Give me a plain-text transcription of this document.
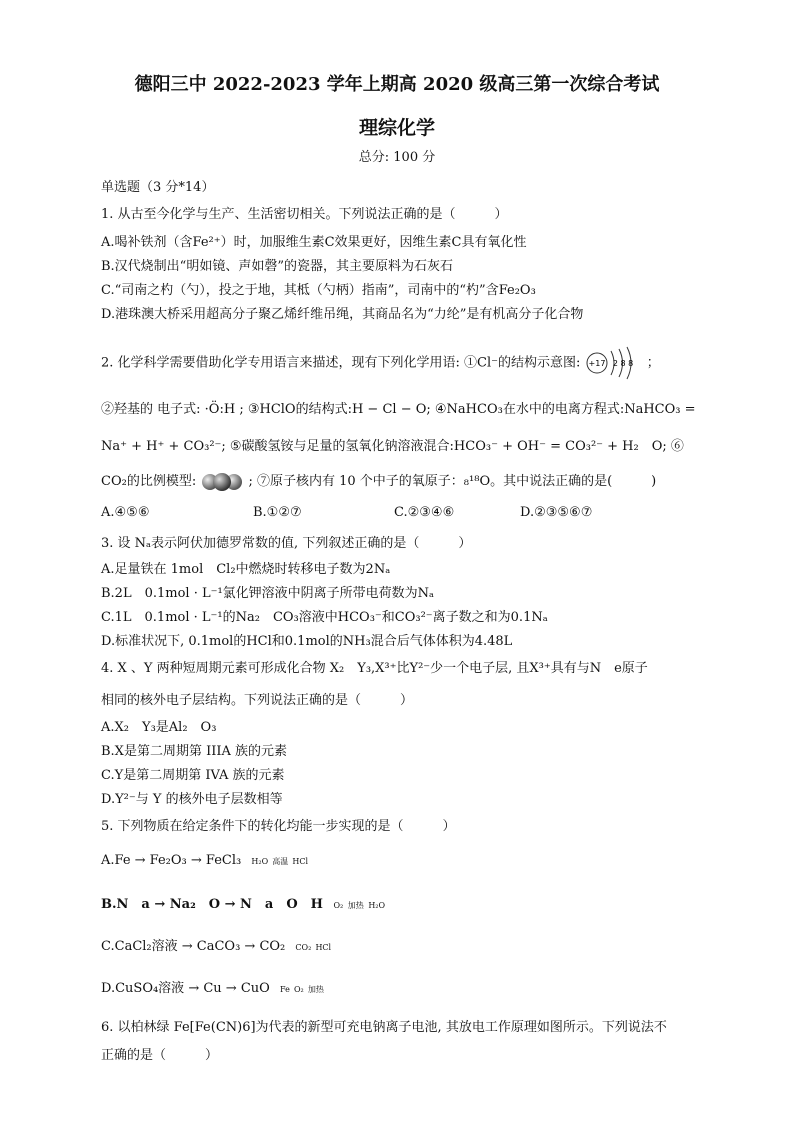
德阳三中 2022-2023 学年上期高 2020 级高三第一次综合考试
理综化学
总分: 100 分
单选题（3 分*14）
1. 从古至今化学与生产、生活密切相关。下列说法正确的是（　　　）
A.喝补铁剂（含Fe²⁺）时，加服维生素C效果更好，因维生素C具有氧化性
B.汉代烧制出“明如镜、声如磬”的瓷器，其主要原料为石灰石
C.“司南之杓（勺），投之于地，其柢（勺柄）指南”，司南中的“杓”含Fe₂O₃
D.港珠澳大桥采用超高分子聚乙烯纤维吊绳，其商品名为“力纶”是有机高分子化合物
2. 化学科学需要借助化学专用语言来描述，现有下列化学用语: ①Cl⁻的结构示意图: +17 2 8 8 ；
②羟基的 电子式: ·Ö:H ; ③HClO的结构式:H − Cl − O; ④NaHCO₃在水中的电离方程式:NaHCO₃ =
Na⁺ + H⁺ + CO₃²⁻; ⑤碳酸氢铵与足量的氢氧化钠溶液混合:HCO₃⁻ + OH⁻ = CO₃²⁻ + H₂　O; ⑥
CO₂的比例模型:	; ⑦原子核内有 10 个中子的氧原子：₈¹⁸O。其中说法正确的是(　　　)
A.④⑤⑥	B.①②⑦	C.②③④⑥	D.②③⑤⑥⑦
3. 设 Nₐ表示阿伏加德罗常数的值, 下列叙述正确的是（　　　）
A.足量铁在 1mol　Cl₂中燃烧时转移电子数为2Nₐ
B.2L　0.1mol · L⁻¹氯化钾溶液中阴离子所带电荷数为Nₐ
C.1L　0.1mol · L⁻¹的Na₂　CO₃溶液中HCO₃⁻和CO₃²⁻离子数之和为0.1Nₐ
D.标准状况下, 0.1mol的HCl和0.1mol的NH₃混合后气体体积为4.48L
4. X 、Y 两种短周期元素可形成化合物 X₂　Y₃,X³⁺比Y²⁻少一个电子层, 且X³⁺具有与N　e原子
相同的核外电子层结构。下列说法正确的是（　　　）
A.X₂　Y₃是Al₂　O₃
B.X是第二周期第 IIIA 族的元素
C.Y是第二周期第 IVA 族的元素
D.Y²⁻与 Y 的核外电子层数相等
5. 下列物质在给定条件下的转化均能一步实现的是（　　　）
A.Fe → Fe₂O₃ → FeCl₃ H₂O 高温 HCl
B.N　a → Na₂　O → N　a　O　H O₂ 加热 H₂O
C.CaCl₂溶液 → CaCO₃ → CO₂ CO₂ HCl
D.CuSO₄溶液 → Cu → CuO Fe O₂ 加热
6. 以柏林绿 Fe[Fe(CN)6]为代表的新型可充电钠离子电池, 其放电工作原理如图所示。下列说法不
正确的是（　　　）
